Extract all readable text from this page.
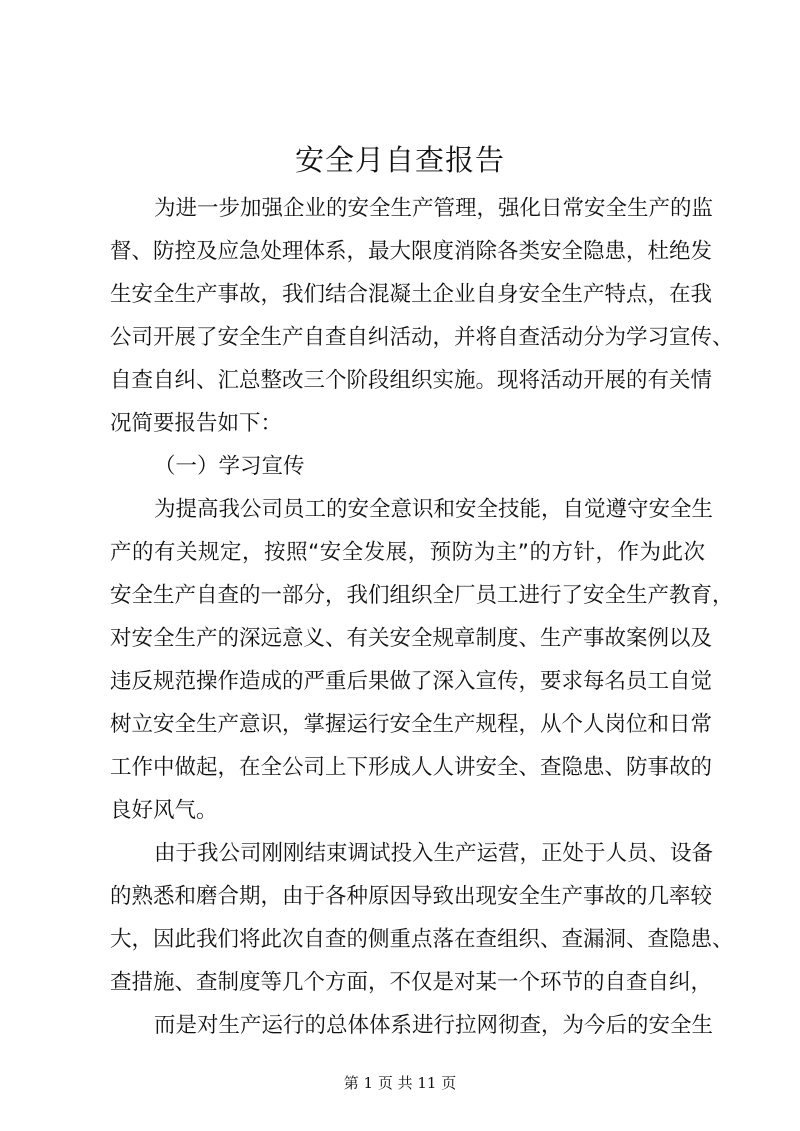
安全月自查报告

为进一步加强企业的安全生产管理，强化日常安全生产的监

督、防控及应急处理体系，最大限度消除各类安全隐患，杜绝发

生安全生产事故，我们结合混凝土企业自身安全生产特点，在我

公司开展了安全生产自查自纠活动，并将自查活动分为学习宣传、

自查自纠、汇总整改三个阶段组织实施。现将活动开展的有关情

况简要报告如下：

（一）学习宣传

为提高我公司员工的安全意识和安全技能，自觉遵守安全生

产的有关规定，按照“安全发展，预防为主”的方针，作为此次

安全生产自查的一部分，我们组织全厂员工进行了安全生产教育，

对安全生产的深远意义、有关安全规章制度、生产事故案例以及

违反规范操作造成的严重后果做了深入宣传，要求每名员工自觉

树立安全生产意识，掌握运行安全生产规程，从个人岗位和日常

工作中做起，在全公司上下形成人人讲安全、查隐患、防事故的

良好风气。

由于我公司刚刚结束调试投入生产运营，正处于人员、设备

的熟悉和磨合期，由于各种原因导致出现安全生产事故的几率较

大，因此我们将此次自查的侧重点落在查组织、查漏洞、查隐患、

查措施、查制度等几个方面，不仅是对某一个环节的自查自纠，

而是对生产运行的总体体系进行拉网彻查，为今后的安全生

第 1 页 共 11 页
